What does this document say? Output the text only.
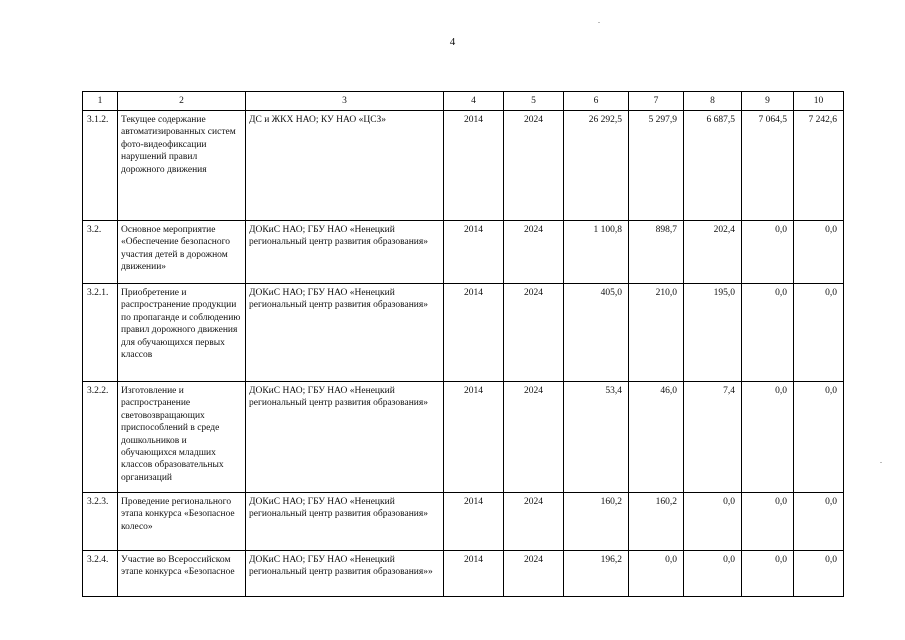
4
1	2	3	4	5	6	7	8	9	10
3.1.2.	Текущее содержание автоматизированных систем фото-видеофиксации нарушений правил дорожного движения	ДС и ЖКХ НАО; КУ НАО «ЦСЗ»	2014	2024	26 292,5	5 297,9	6 687,5	7 064,5	7 242,6
3.2.	Основное мероприятие «Обеспечение безопасного участия детей в дорожном движении»	ДОКиС НАО; ГБУ НАО «Ненецкий региональный центр развития образования»	2014	2024	1 100,8	898,7	202,4	0,0	0,0
3.2.1.	Приобретение и распространение продукции по пропаганде и соблюдению правил дорожного движения для обучающихся первых классов	ДОКиС НАО; ГБУ НАО «Ненецкий региональный центр развития образования»	2014	2024	405,0	210,0	195,0	0,0	0,0
3.2.2.	Изготовление и распространение световозвращающих приспособлений в среде дошкольников и обучающихся младших классов образовательных организаций	ДОКиС НАО; ГБУ НАО «Ненецкий региональный центр развития образования»	2014	2024	53,4	46,0	7,4	0,0	0,0
3.2.3.	Проведение регионального этапа конкурса «Безопасное колесо»	ДОКиС НАО; ГБУ НАО «Ненецкий региональный центр развития образования»	2014	2024	160,2	160,2	0,0	0,0	0,0
3.2.4.	Участие во Всероссийском этапе конкурса «Безопасное	ДОКиС НАО; ГБУ НАО «Ненецкий региональный центр развития образования»»	2014	2024	196,2	0,0	0,0	0,0	0,0
